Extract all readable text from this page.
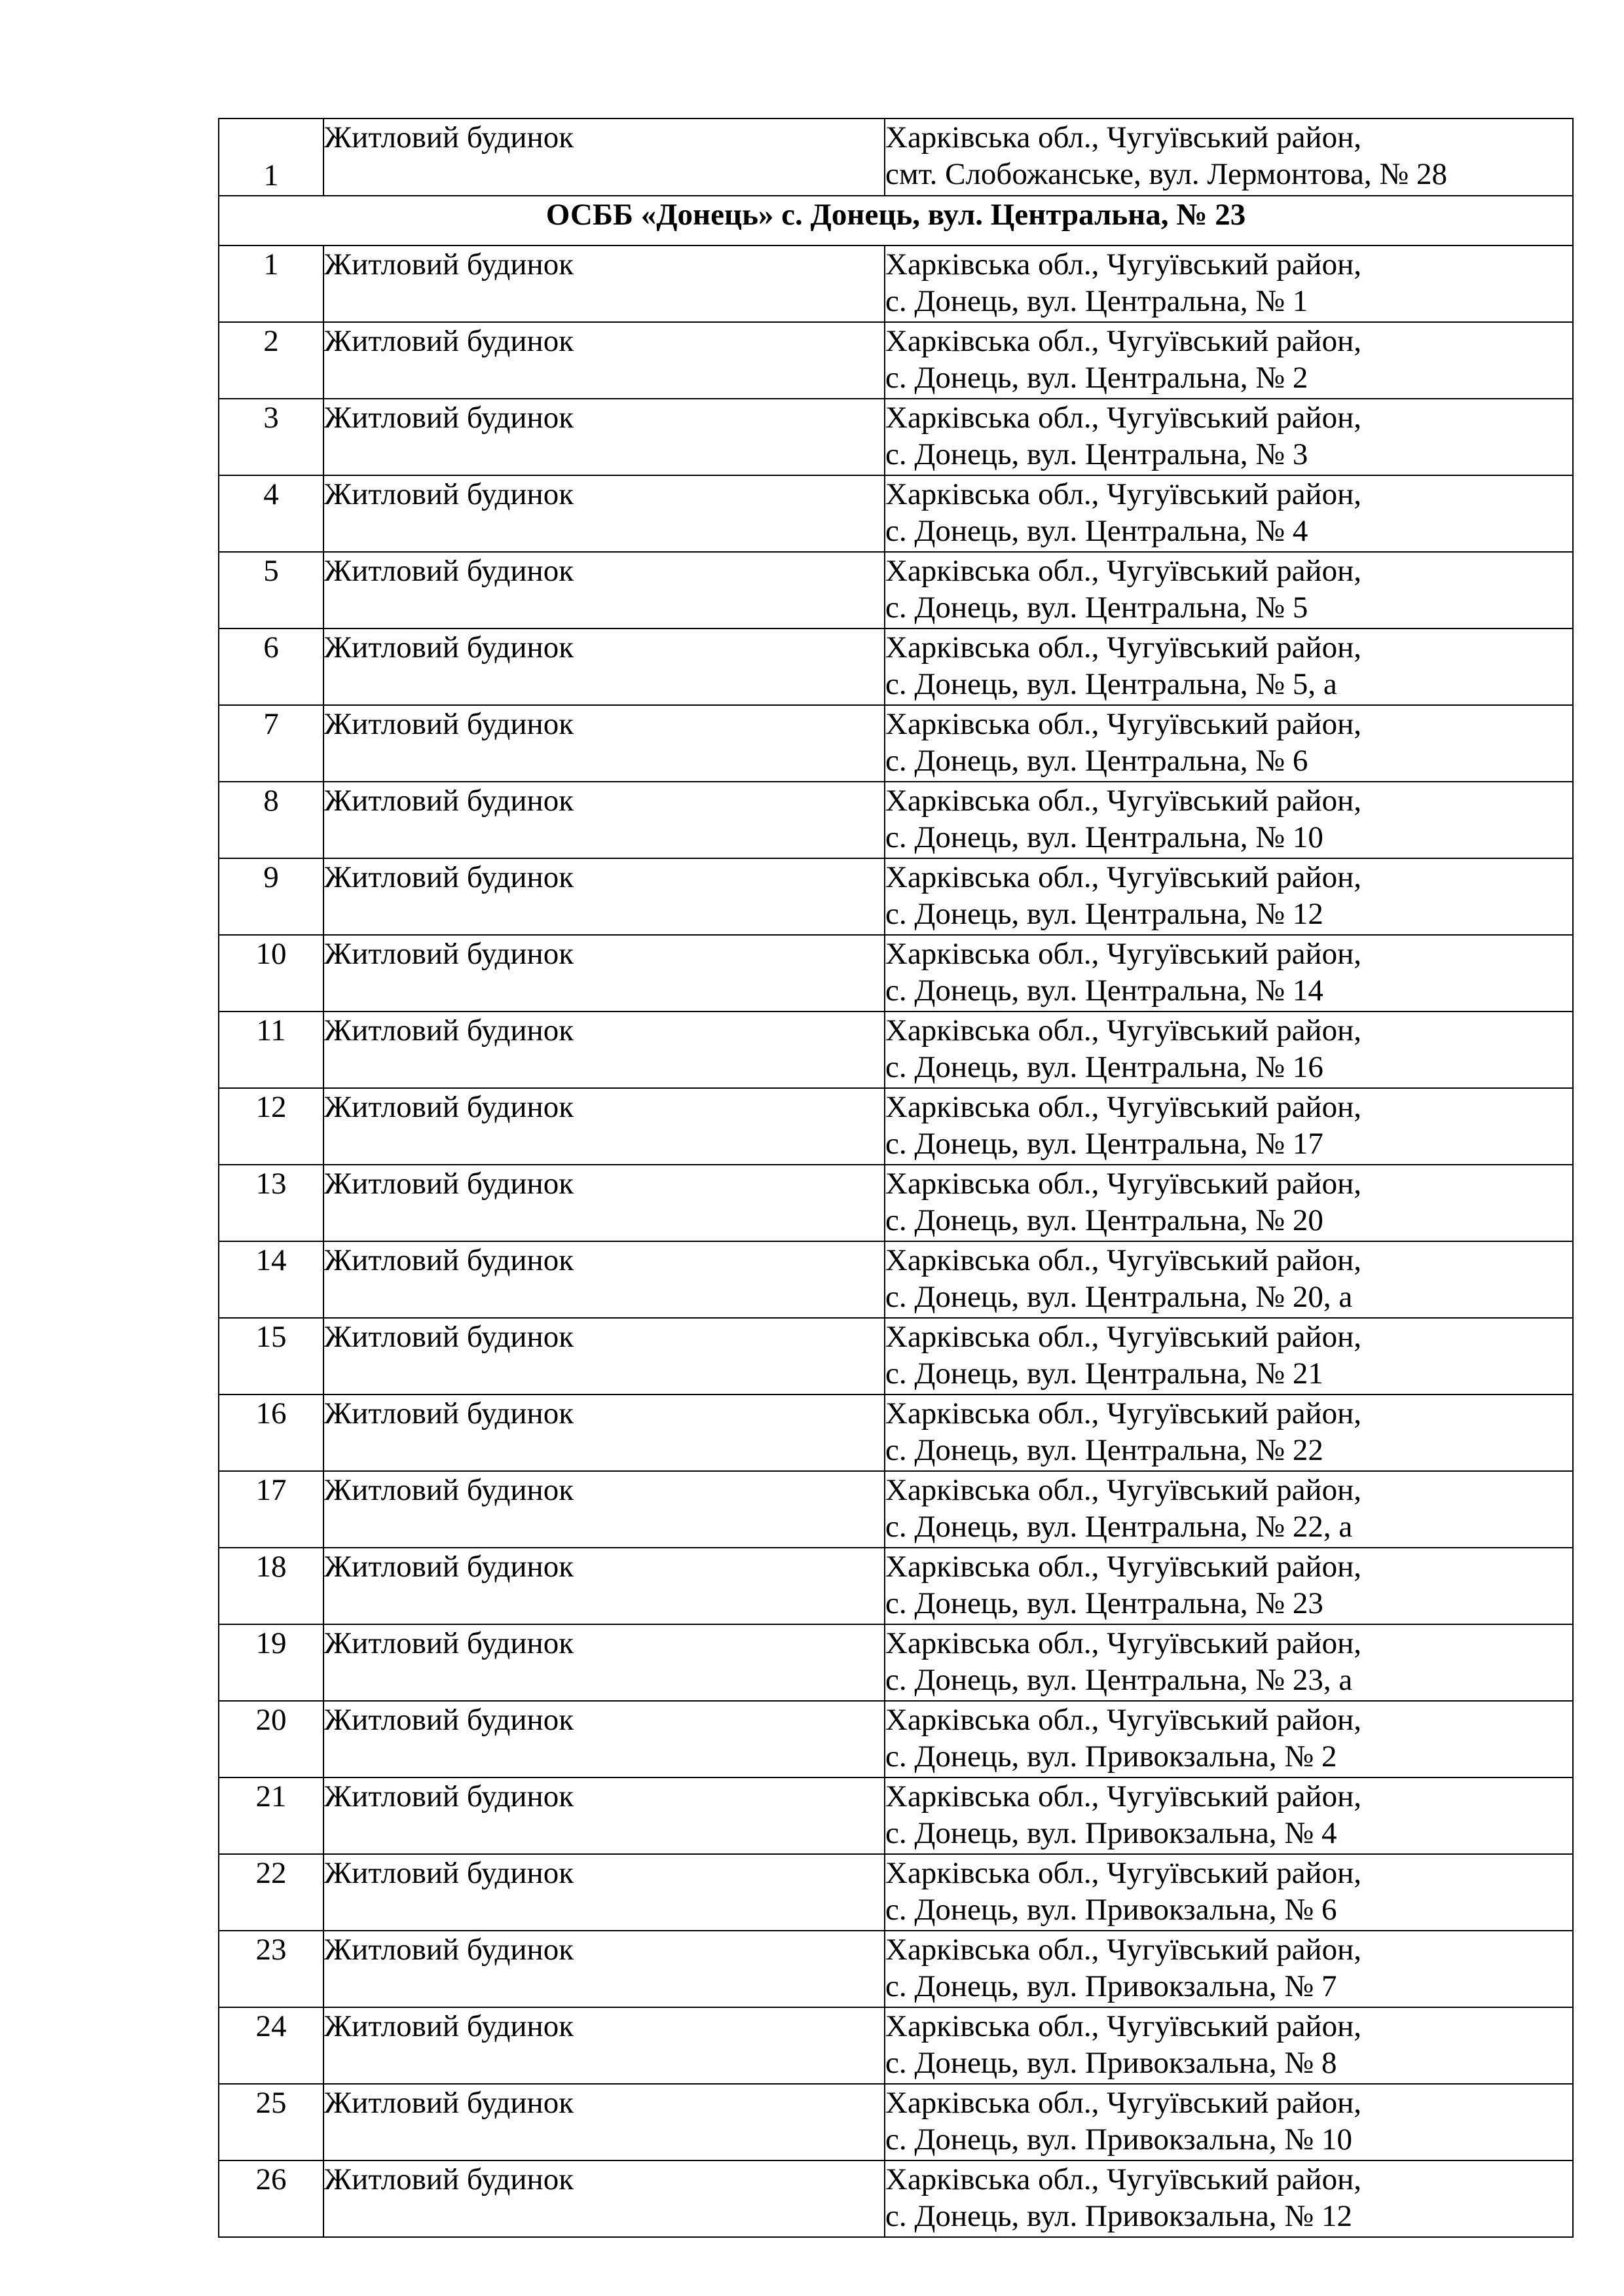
1	Житловий будинок	Харківська обл., Чугуївський район,
смт. Слобожанське, вул. Лермонтова, № 28

ОСББ «Донець» с. Донець, вул. Центральна, № 23		
1	Житловий будинок	Харківська обл., Чугуївський район,
с. Донець, вул. Центральна, № 1

2	Житловий будинок	Харківська обл., Чугуївський район,
с. Донець, вул. Центральна, № 2

3	Житловий будинок	Харківська обл., Чугуївський район,
с. Донець, вул. Центральна, № 3

4	Житловий будинок	Харківська обл., Чугуївський район,
с. Донець, вул. Центральна, № 4

5	Житловий будинок	Харківська обл., Чугуївський район,
с. Донець, вул. Центральна, № 5

6	Житловий будинок	Харківська обл., Чугуївський район,
с. Донець, вул. Центральна, № 5, а

7	Житловий будинок	Харківська обл., Чугуївський район,
с. Донець, вул. Центральна, № 6

8	Житловий будинок	Харківська обл., Чугуївський район,
с. Донець, вул. Центральна, № 10

9	Житловий будинок	Харківська обл., Чугуївський район,
с. Донець, вул. Центральна, № 12

10	Житловий будинок	Харківська обл., Чугуївський район,
с. Донець, вул. Центральна, № 14

11	Житловий будинок	Харківська обл., Чугуївський район,
с. Донець, вул. Центральна, № 16

12	Житловий будинок	Харківська обл., Чугуївський район,
с. Донець, вул. Центральна, № 17

13	Житловий будинок	Харківська обл., Чугуївський район,
с. Донець, вул. Центральна, № 20

14	Житловий будинок	Харківська обл., Чугуївський район,
с. Донець, вул. Центральна, № 20, а

15	Житловий будинок	Харківська обл., Чугуївський район,
с. Донець, вул. Центральна, № 21

16	Житловий будинок	Харківська обл., Чугуївський район,
с. Донець, вул. Центральна, № 22

17	Житловий будинок	Харківська обл., Чугуївський район,
с. Донець, вул. Центральна, № 22, а

18	Житловий будинок	Харківська обл., Чугуївський район,
с. Донець, вул. Центральна, № 23

19	Житловий будинок	Харківська обл., Чугуївський район,
с. Донець, вул. Центральна, № 23, а

20	Житловий будинок	Харківська обл., Чугуївський район,
с. Донець, вул. Привокзальна, № 2

21	Житловий будинок	Харківська обл., Чугуївський район,
с. Донець, вул. Привокзальна, № 4

22	Житловий будинок	Харківська обл., Чугуївський район,
с. Донець, вул. Привокзальна, № 6

23	Житловий будинок	Харківська обл., Чугуївський район,
с. Донець, вул. Привокзальна, № 7

24	Житловий будинок	Харківська обл., Чугуївський район,
с. Донець, вул. Привокзальна, № 8

25	Житловий будинок	Харківська обл., Чугуївський район,
с. Донець, вул. Привокзальна, № 10

26	Житловий будинок	Харківська обл., Чугуївський район,
с. Донець, вул. Привокзальна, № 12
